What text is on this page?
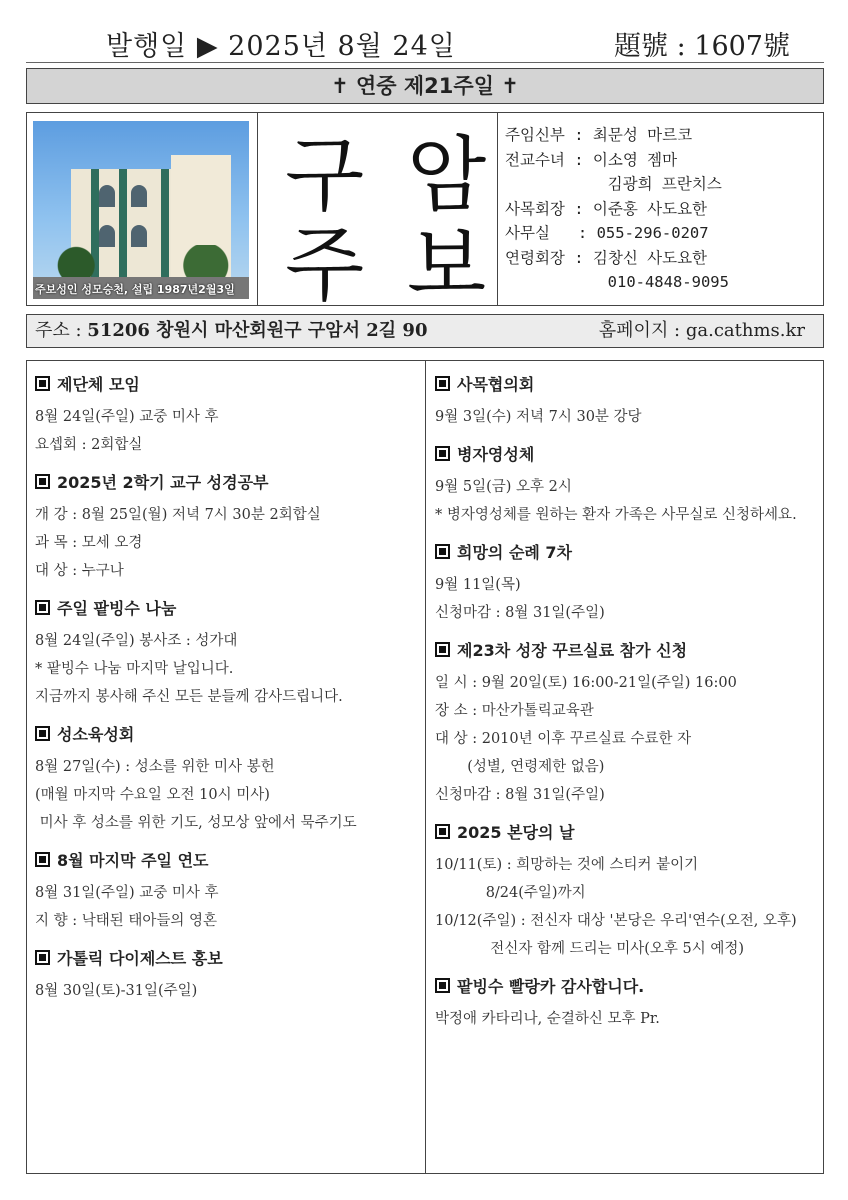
발행일 ▶ 2025년 8월 24일	題號 : 1607號
✝ 연중 제21주일 ✝
주보성인 성모승천, 설립 1987년2월3일
구 암
주 보
주임신부 : 최문성 마르코
전교수녀 : 이소영 젬마
김광희 프란치스
사목회장 : 이준홍 사도요한
사무실   : 055-296-0207
연령회장 : 김창신 사도요한
010-4848-9095
주소 : 51206 창원시 마산회원구 구암서 2길 90	홈페이지 : ga.cathms.kr
제단체 모임
8월 24일(주일) 교중 미사 후
요셉회 : 2회합실
2025년 2학기 교구 성경공부
개 강 : 8월 25일(월) 저녁 7시 30분 2회합실
과 목 : 모세 오경
대 상 : 누구나
주일 팥빙수 나눔
8월 24일(주일) 봉사조 : 성가대
* 팥빙수 나눔 마지막 날입니다.
지금까지 봉사해 주신 모든 분들께 감사드립니다.
성소육성회
8월 27일(수) : 성소를 위한 미사 봉헌
(매월 마지막 수요일 오전 10시 미사)
미사 후 성소를 위한 기도, 성모상 앞에서 묵주기도
8월 마지막 주일 연도
8월 31일(주일) 교중 미사 후
지 향 : 낙태된 태아들의 영혼
가톨릭 다이제스트 홍보
8월 30일(토)-31일(주일)
사목협의회
9월 3일(수) 저녁 7시 30분 강당
병자영성체
9월 5일(금) 오후 2시
* 병자영성체를 원하는 환자 가족은 사무실로 신청하세요.
희망의 순례 7차
9월 11일(목)
신청마감 : 8월 31일(주일)
제23차 성장 꾸르실료 참가 신청
일 시 : 9월 20일(토) 16:00-21일(주일) 16:00
장 소 : 마산가톨릭교육관
대 상 : 2010년 이후 꾸르실료 수료한 자
(성별, 연령제한 없음)
신청마감 : 8월 31일(주일)
2025 본당의 날
10/11(토) : 희망하는 것에 스티커 붙이기
8/24(주일)까지
10/12(주일) : 전신자 대상 '본당은 우리'연수(오전, 오후)
전신자 함께 드리는 미사(오후 5시 예정)
팥빙수 빨랑카 감사합니다.
박정애 카타리나, 순결하신 모후 Pr.
